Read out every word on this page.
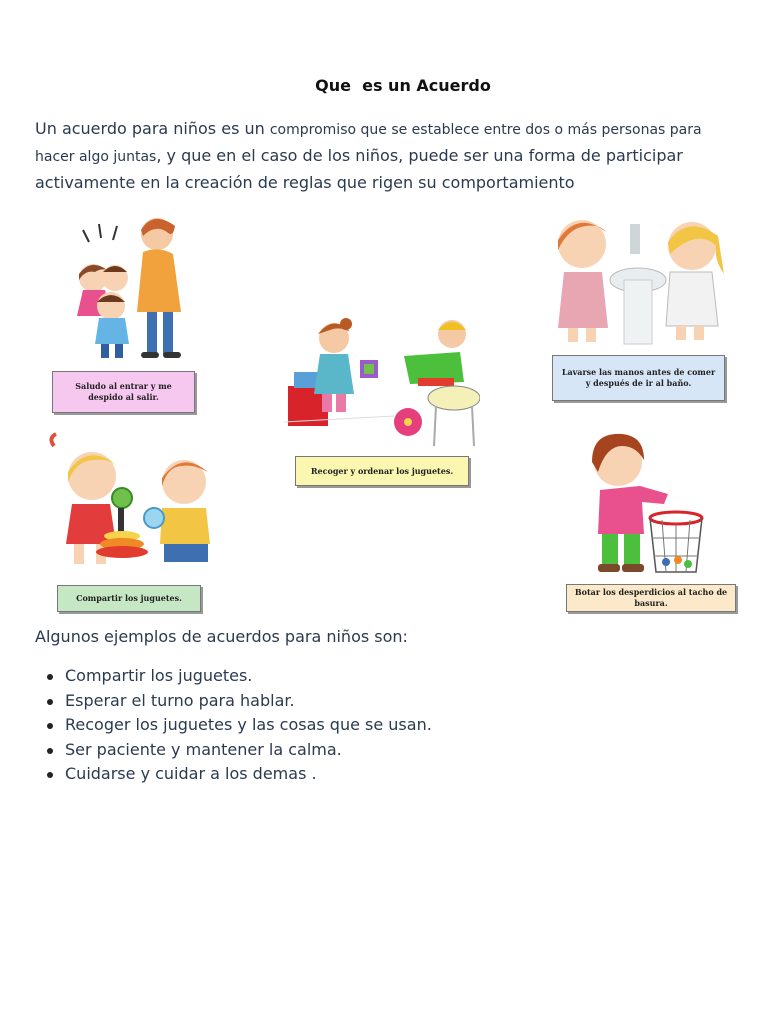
Que  es un Acuerdo
Un acuerdo para niños es un compromiso que se establece entre dos o más personas para hacer algo juntas, y que en el caso de los niños, puede ser una forma de participar activamente en la creación de reglas que rigen su comportamiento
Saludo al entrar y me despido al salir.
Recoger y ordenar los juguetes.
Lavarse las manos antes de comer y después de ir al baño.
Compartir los juguetes.
Botar los desperdicios al tacho de basura.
Algunos ejemplos de acuerdos para niños son:
Compartir los juguetes.
Esperar el turno para hablar.
Recoger los juguetes y las cosas que se usan.
Ser paciente y mantener la calma.
Cuidarse y cuidar a los demas .
